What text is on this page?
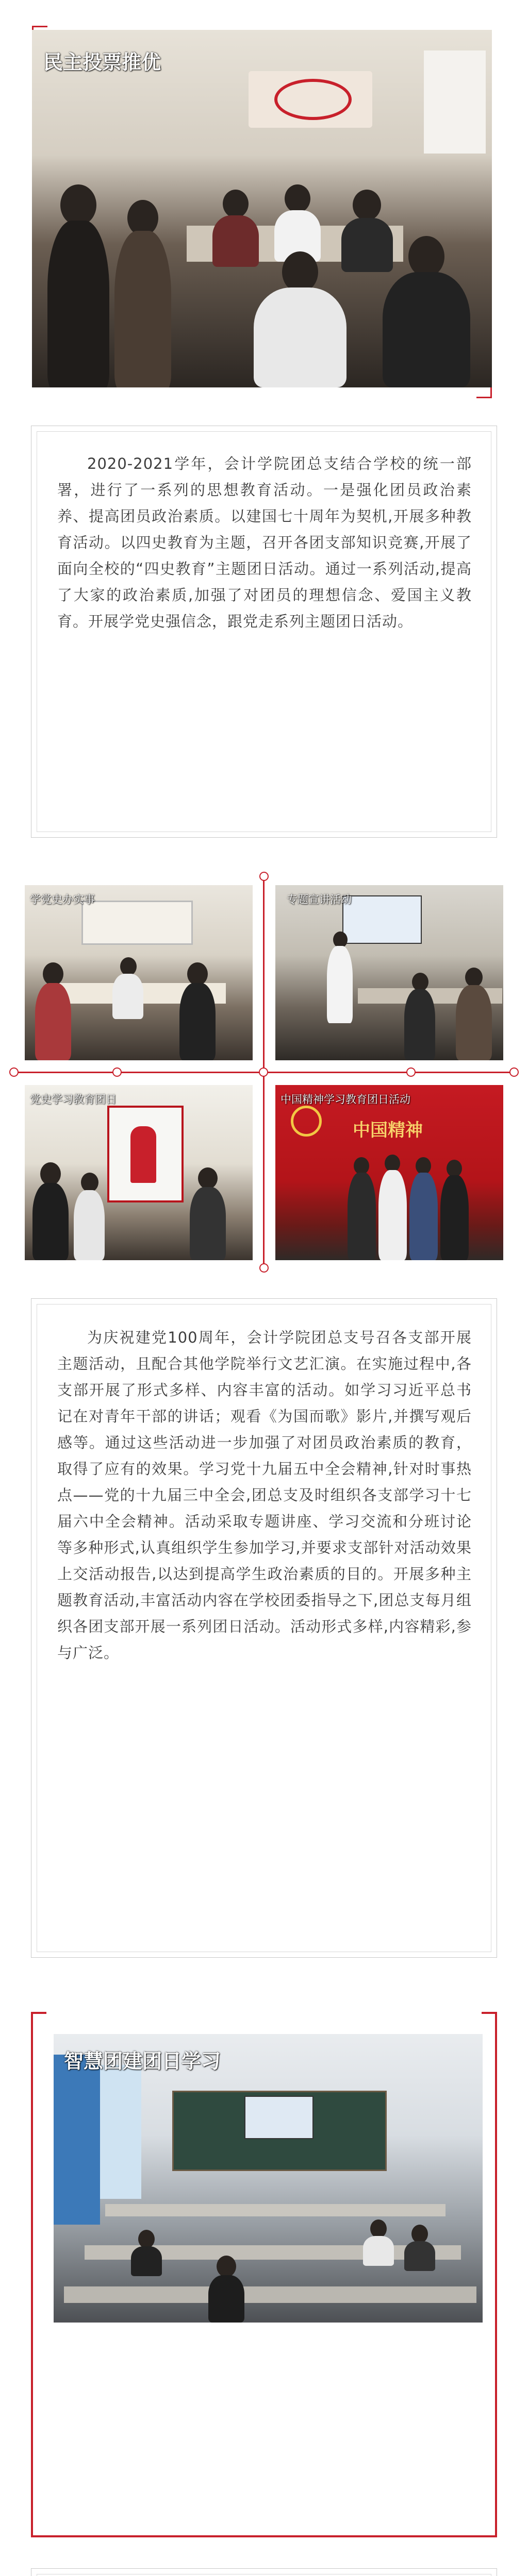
民主投票推优

2020-2021学年，会计学院团总支结合学校的统一部署，进行了一系列的思想教育活动。一是强化团员政治素养、提高团员政治素质。以建国七十周年为契机,开展多种教育活动。以四史教育为主题，召开各团支部知识竞赛,开展了面向全校的“四史教育”主题团日活动。通过一系列活动,提高了大家的政治素质,加强了对团员的理想信念、爱国主义教育。开展学党史强信念，跟党走系列主题团日活动。

学党史办实事	专题宣讲活动
党史学习教育团日
中国精神
中国精神学习教育团日活动

为庆祝建党100周年，会计学院团总支号召各支部开展主题活动，且配合其他学院举行文艺汇演。在实施过程中,各支部开展了形式多样、内容丰富的活动。如学习习近平总书记在对青年干部的讲话；观看《为国而歌》影片,并撰写观后感等。通过这些活动进一步加强了对团员政治素质的教育，取得了应有的效果。学习党十九届五中全会精神,针对时事热点——党的十九届三中全会,团总支及时组织各支部学习十七届六中全会精神。活动采取专题讲座、学习交流和分班讨论等多种形式,认真组织学生参加学习,并要求支部针对活动效果上交活动报告,以达到提高学生政治素质的目的。开展多种主题教育活动,丰富活动内容在学校团委指导之下,团总支每月组织各团支部开展一系列团日活动。活动形式多样,内容精彩,参与广泛。

智慧团建团日学习
